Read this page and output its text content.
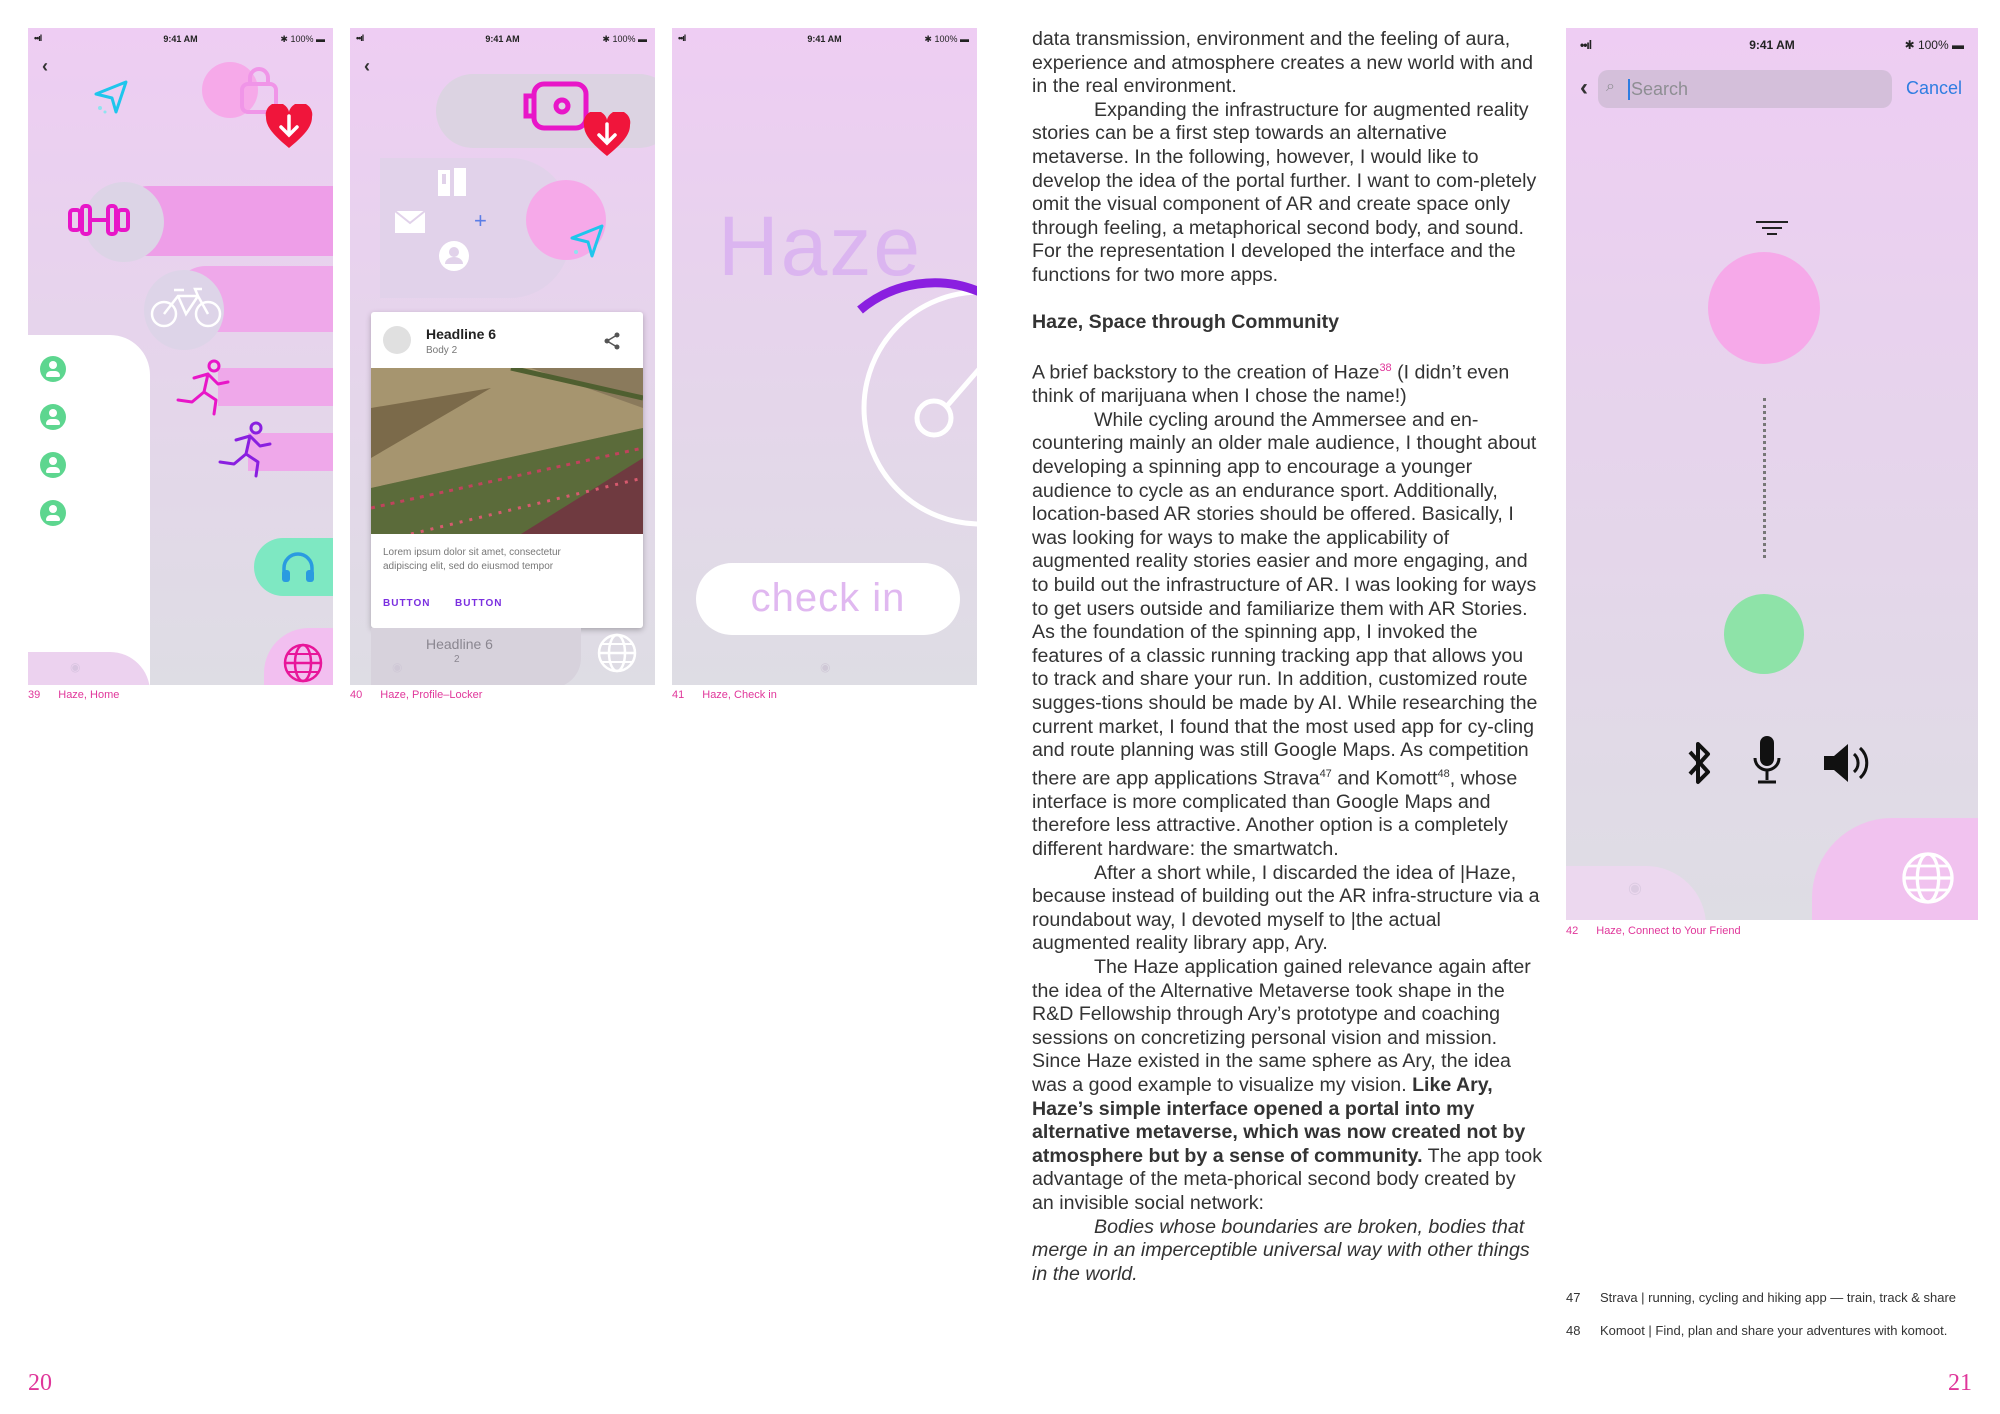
••ıl	9:41 AM	✱ 100% ▬
‹
◉
39 Haze, Home
••ıl	9:41 AM	✱ 100% ▬
‹
+
Headline 6
Body 2
Lorem ipsum dolor sit amet, consectetur adipiscing elit, sed do eiusmod tempor
BUTTON BUTTON
Headline 6
2
◉
40 Haze, Profile–Locker
••ıl	9:41 AM	✱ 100% ▬
Haze
check in
◉
41 Haze, Check in
20

data transmission, environment and the feeling of aura, experience and atmosphere creates a new world with and in the real environment.

Expanding the infrastructure for augmented reality stories can be a first step towards an alternative metaverse. In the following, however, I would like to develop the idea of the portal further. I want to com-pletely omit the visual component of AR and create space only through feeling, a metaphorical second body, and sound. For the representation I developed the interface and the functions for two more apps.

Haze, Space through Community

A brief backstory to the creation of Haze$^{38}$ (I didn’t even think of marijuana when I chose the name!)

While cycling around the Ammersee and en-countering mainly an older male audience, I thought about developing a spinning app to encourage a younger audience to cycle as an endurance sport. Additionally, location-based AR stories should be offered. Basically, I was looking for ways to make the applicability of augmented reality stories easier and more engaging, and to build out the infrastructure of AR. I was looking for ways to get users outside and familiarize them with AR Stories. As the foundation of the spinning app, I invoked the features of a classic running tracking app that allows you to track and share your run. In addition, customized route sugges-tions should be made by AI. While researching the current market, I found that the most used app for cy-cling and route planning was still Google Maps. As competition there are app applications Strava$^{47}$ and Komott$^{48}$, whose interface is more complicated than Google Maps and therefore less attractive. Another option is a completely different hardware: the smartwatch.

After a short while, I discarded the idea of |Haze, because instead of building out the AR infra-structure via a roundabout way, I devoted myself to |the actual augmented reality library app, Ary.

The Haze application gained relevance again after the idea of the Alternative Metaverse took shape in the R&D Fellowship through Ary’s prototype and coaching sessions on concretizing personal vision and mission. Since Haze existed in the same sphere as Ary, the idea was a good example to visualize my vision. Like Ary, Haze’s simple interface opened a portal into my alternative metaverse, which was now created not by atmosphere but by a sense of community. The app took advantage of the meta-phorical second body created by an invisible social network:

Bodies whose boundaries are broken, bodies that merge in an imperceptible universal way with other things in the world.

••ıl	9:41 AM	✱ 100% ▬
‹ ⌕ Search	Cancel
◉
42 Haze, Connect to Your Friend
47	Strava | running, cycling and hiking app — train, track & share
48	Komoot | Find, plan and share your adventures with komoot.
21
